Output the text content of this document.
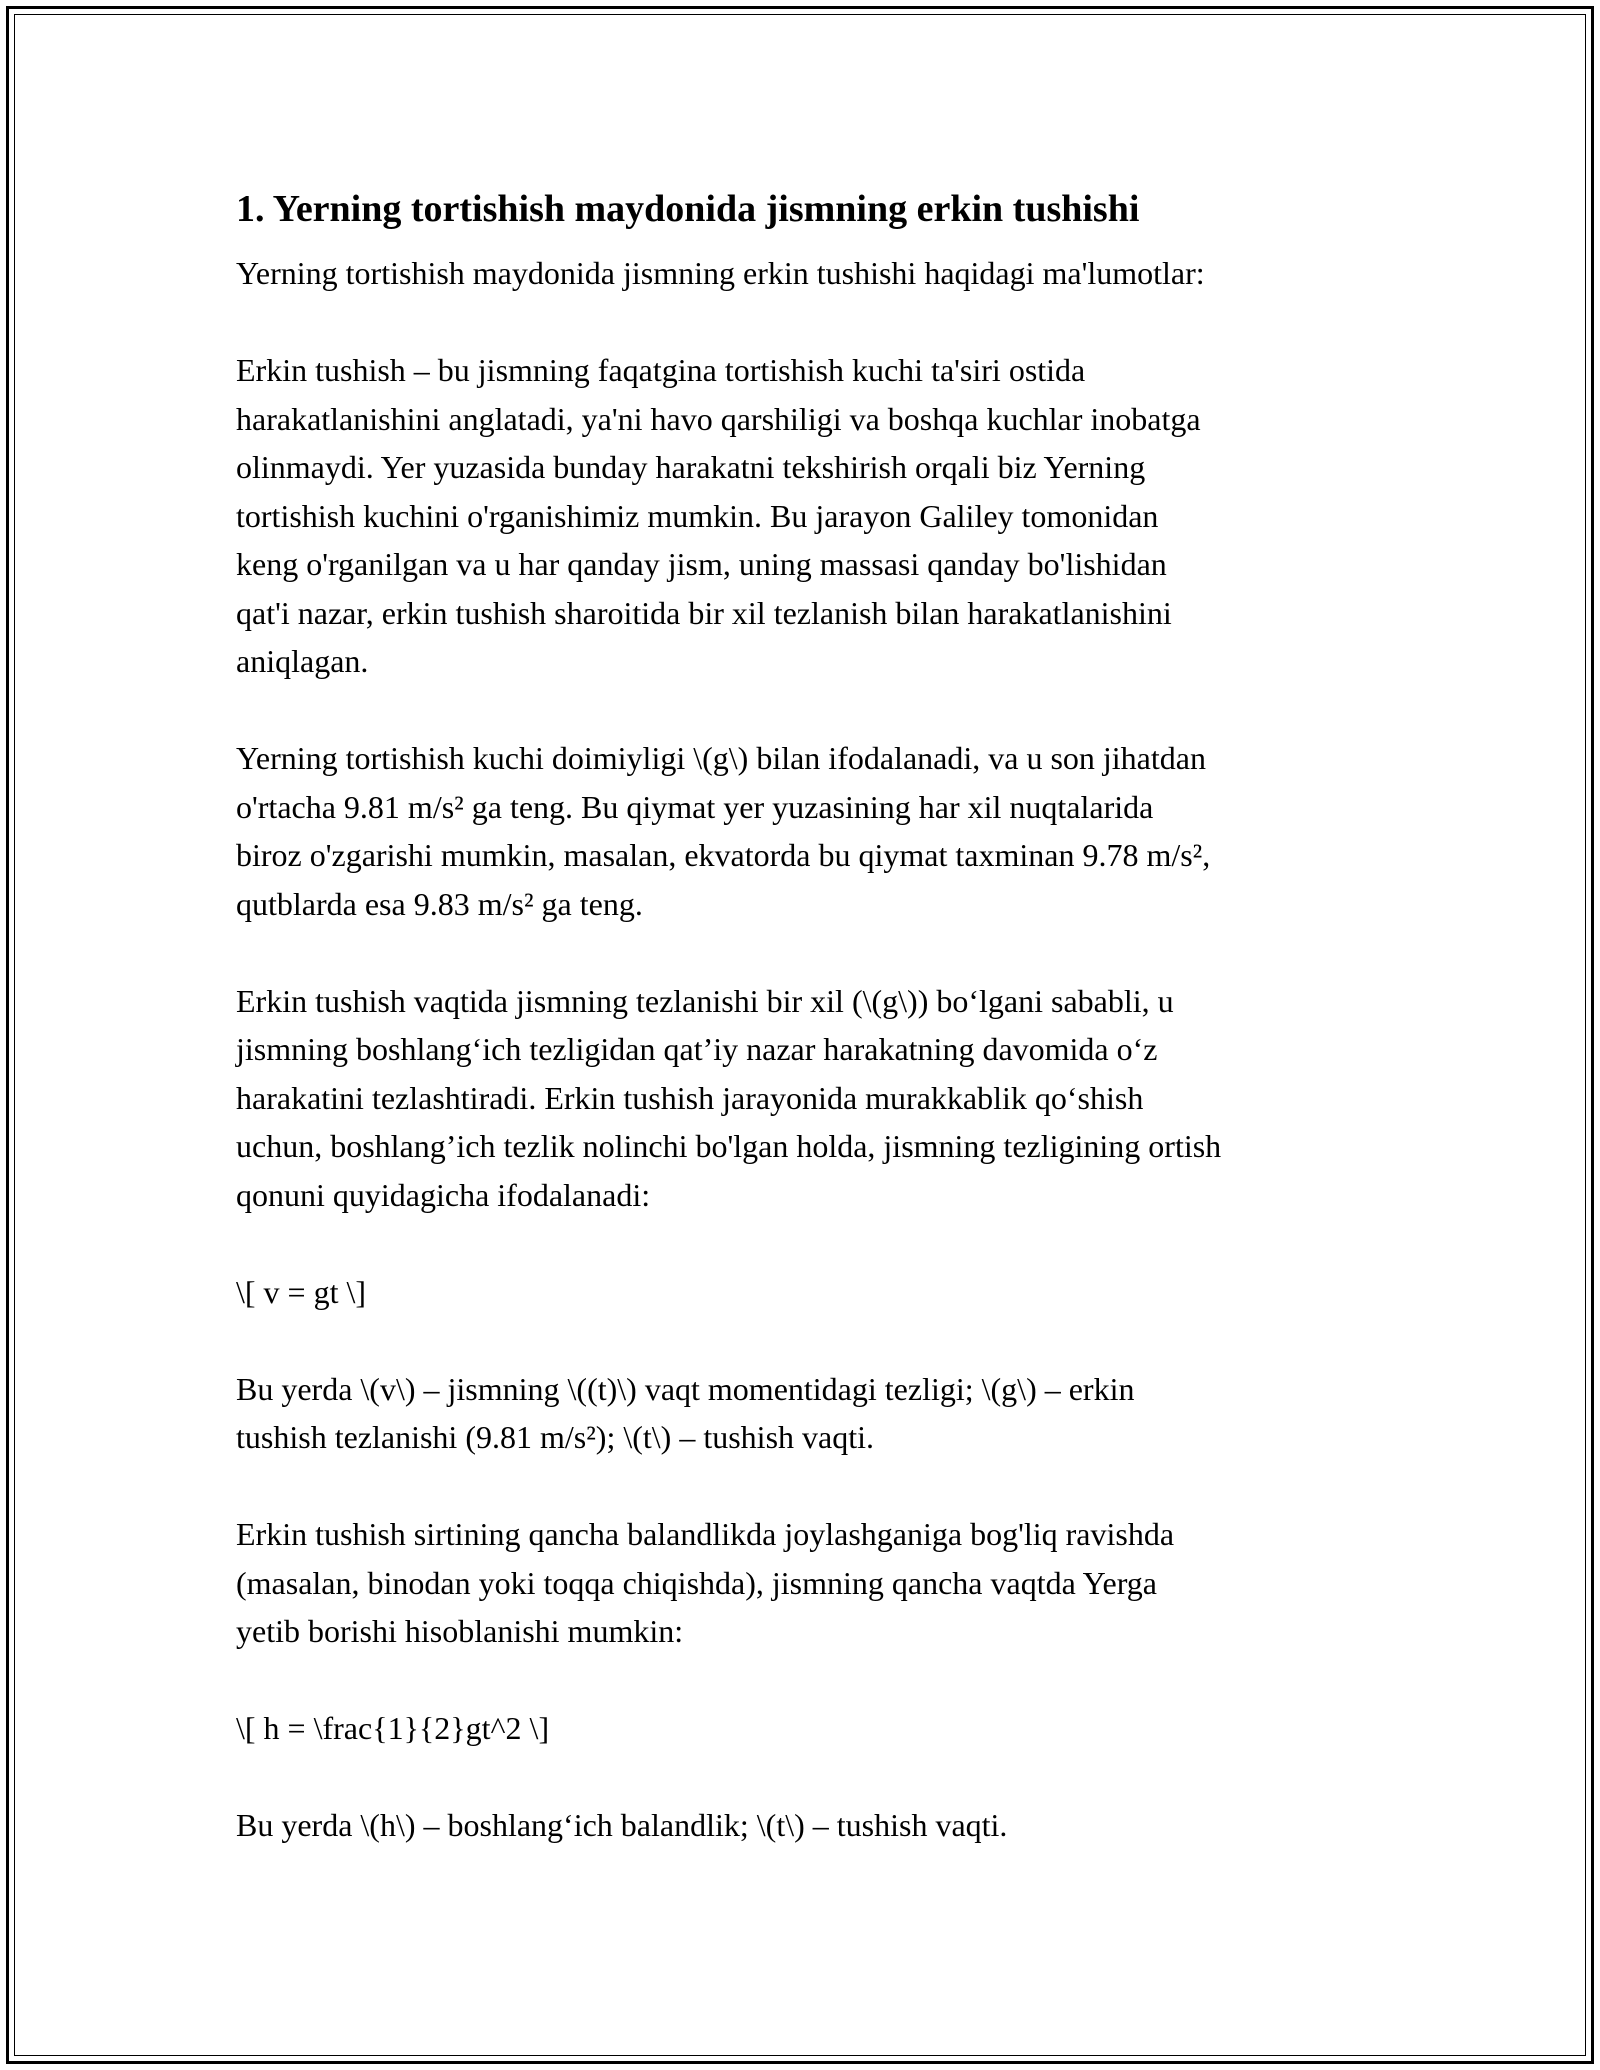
1. Yerning tortishish maydonida jismning erkin tushishi

Yerning tortishish maydonida jismning erkin tushishi haqidagi ma'lumotlar:

Erkin tushish – bu jismning faqatgina tortishish kuchi ta'siri ostida
harakatlanishini anglatadi, ya'ni havo qarshiligi va boshqa kuchlar inobatga
olinmaydi. Yer yuzasida bunday harakatni tekshirish orqali biz Yerning
tortishish kuchini o'rganishimiz mumkin. Bu jarayon Galiley tomonidan
keng o'rganilgan va u har qanday jism, uning massasi qanday bo'lishidan
qat'i nazar, erkin tushish sharoitida bir xil tezlanish bilan harakatlanishini
aniqlagan.

Yerning tortishish kuchi doimiyligi \(g\) bilan ifodalanadi, va u son jihatdan
o'rtacha 9.81 m/s² ga teng. Bu qiymat yer yuzasining har xil nuqtalarida
biroz o'zgarishi mumkin, masalan, ekvatorda bu qiymat taxminan 9.78 m/s²,
qutblarda esa 9.83 m/s² ga teng.

Erkin tushish vaqtida jismning tezlanishi bir xil (\(g\)) bo‘lgani sababli, u
jismning boshlang‘ich tezligidan qat’iy nazar harakatning davomida o‘z
harakatini tezlashtiradi. Erkin tushish jarayonida murakkablik qo‘shish
uchun, boshlang’ich tezlik nolinchi bo'lgan holda, jismning tezligining ortish
qonuni quyidagicha ifodalanadi:

\[ v = gt \]

Bu yerda \(v\) – jismning \((t)\) vaqt momentidagi tezligi; \(g\) – erkin
tushish tezlanishi (9.81 m/s²); \(t\) – tushish vaqti.

Erkin tushish sirtining qancha balandlikda joylashganiga bog'liq ravishda
(masalan, binodan yoki toqqa chiqishda), jismning qancha vaqtda Yerga
yetib borishi hisoblanishi mumkin:

\[ h = \frac{1}{2}gt^2 \]

Bu yerda \(h\) – boshlang‘ich balandlik; \(t\) – tushish vaqti.
